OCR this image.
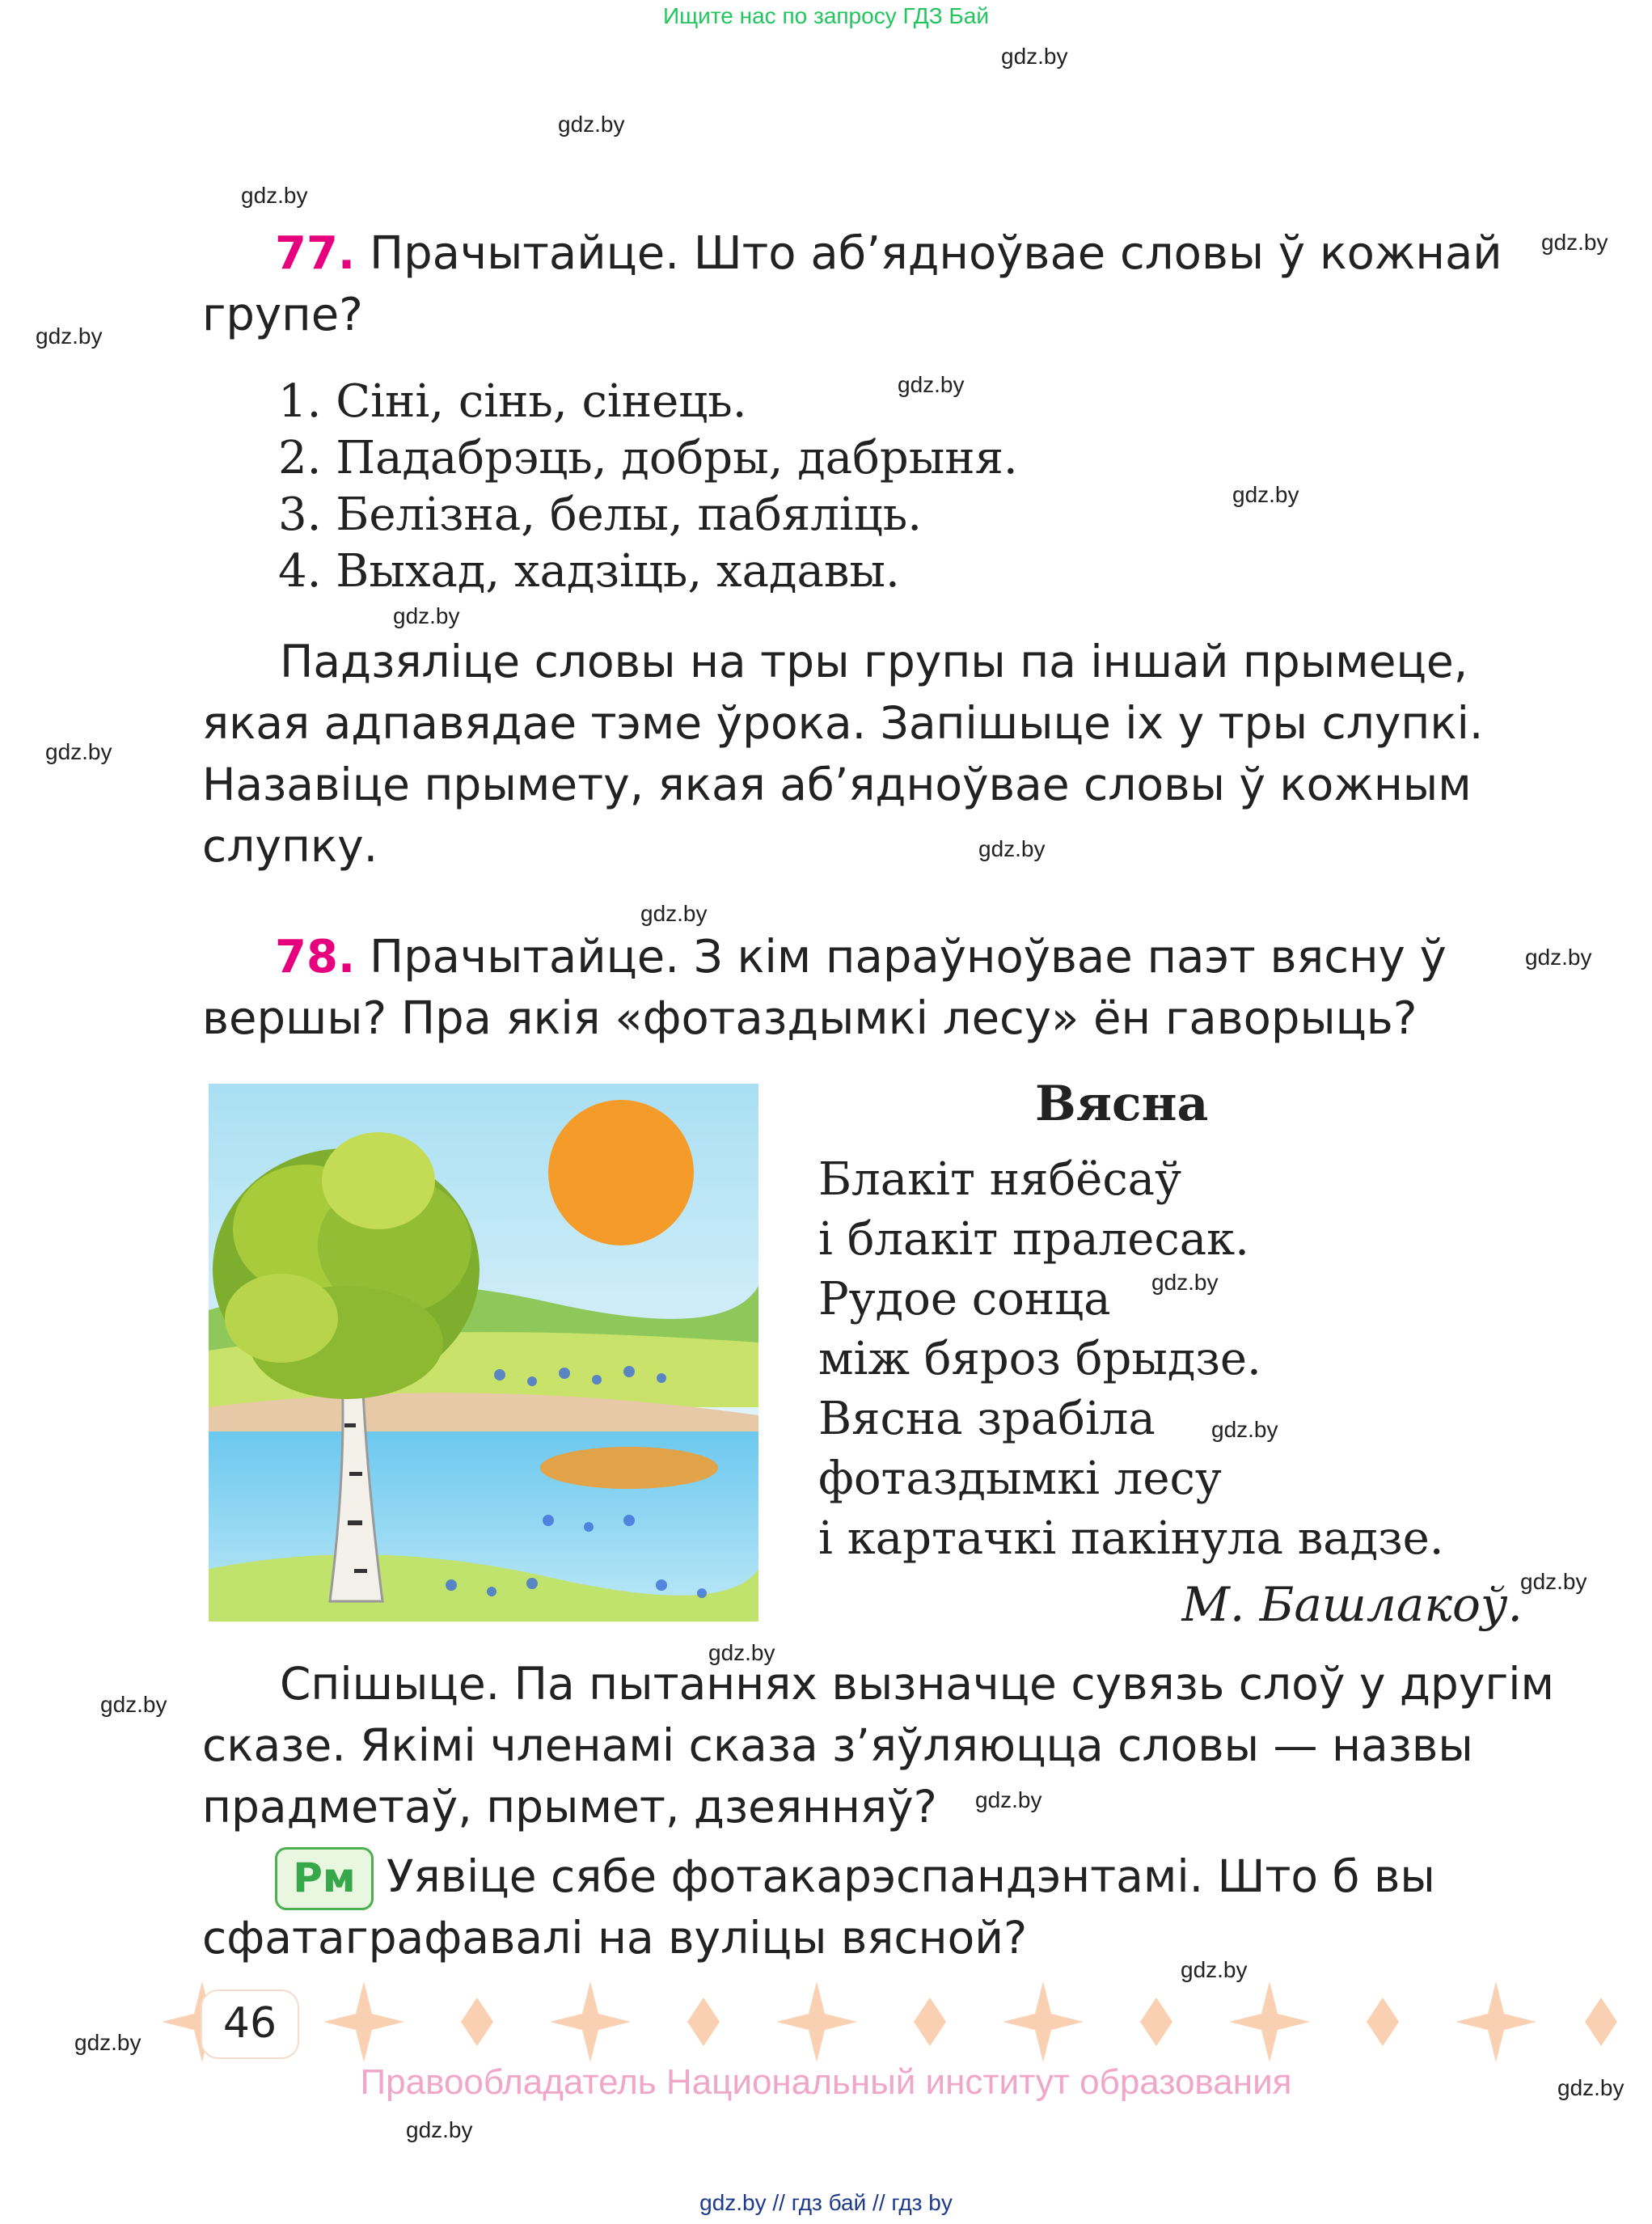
Ищите нас по запросу ГДЗ Бай
gdz.by
gdz.by
gdz.by
gdz.by
gdz.by
gdz.by
gdz.by
gdz.by
gdz.by
gdz.by
gdz.by
gdz.by
gdz.by
gdz.by
gdz.by
gdz.by
gdz.by
gdz.by
gdz.by
gdz.by
gdz.by
gdz.by
77. Прачытайце. Што аб’ядноўвае словы ў кожнай
групе?
1. Сіні, сінь, сінець.
2. Падабрэць, добры, дабрыня.
3. Белізна, белы, пабяліць.
4. Выхад, хадзіць, хадавы.
Падзяліце словы на тры групы па іншай прымеце,
якая адпавядае тэме ўрока. Запішыце іх у тры слупкі.
Назавіце прымету, якая аб’ядноўвае словы ў кожным
слупку.
78. Прачытайце. З кім параўноўвае паэт вясну ў
вершы? Пра якія «фотаздымкі лесу» ён гаворыць?
Вясна
Блакіт нябёсаў
і блакіт пралесак.
Рудое сонца
між бяроз брыдзе.
Вясна зрабіла
фотаздымкі лесу
і картачкі пакінула вадзе.
М. Башлакоў.
Спішыце. Па пытаннях вызначце сувязь слоў у другім
сказе. Якімі членамі сказа з’яўляюцца словы — назвы
прадметаў, прымет, дзеянняў?
Рм Уявіце сябе фотакарэспандэнтамі. Што б вы
сфатаграфавалі на вуліцы вясной?
46
Правообладатель Национальный институт образования
gdz.by // гдз бай // гдз by
